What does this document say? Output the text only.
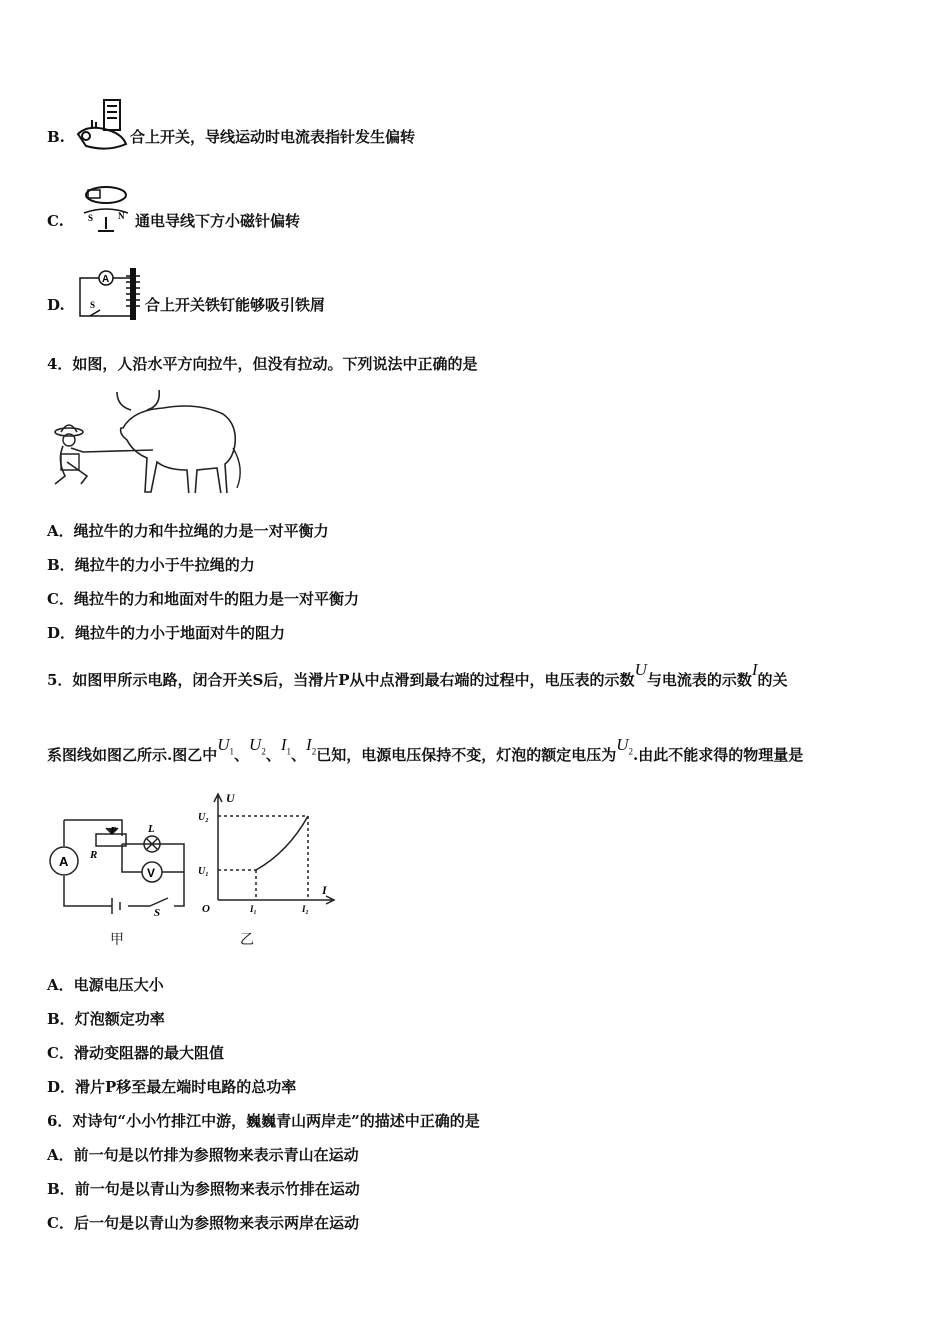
B.	合上开关，导线运动时电流表指针发生偏转
C.	S	N 通电导线下方小磁针偏转
D.
A
S	合上开关铁钉能够吸引铁屑
4．如图，人沿水平方向拉牛，但没有拉动。下列说法中正确的是
A．绳拉牛的力和牛拉绳的力是一对平衡力
B．绳拉牛的力小于牛拉绳的力
C．绳拉牛的力和地面对牛的阻力是一对平衡力
D．绳拉牛的力小于地面对牛的阻力
5．如图甲所示电路，闭合开关S后，当滑片P从中点滑到最右端的过程中，电压表的示数U与电流表的示数I的关
系图线如图乙所示.图乙中$U_1$、$U_2$、$I_1$、$I_2$已知，电源电压保持不变，灯泡的额定电压为$U_2$.由此不能求得的物理量是
A
V
L
P
R
S
U
I
O
U₂
U₁
I₁	I₂
甲	乙
A．电源电压大小
B．灯泡额定功率
C．滑动变阻器的最大阻值
D．滑片P移至最左端时电路的总功率
6．对诗句“小小竹排江中游，巍巍青山两岸走”的描述中正确的是
A．前一句是以竹排为参照物来表示青山在运动
B．前一句是以青山为参照物来表示竹排在运动
C．后一句是以青山为参照物来表示两岸在运动
